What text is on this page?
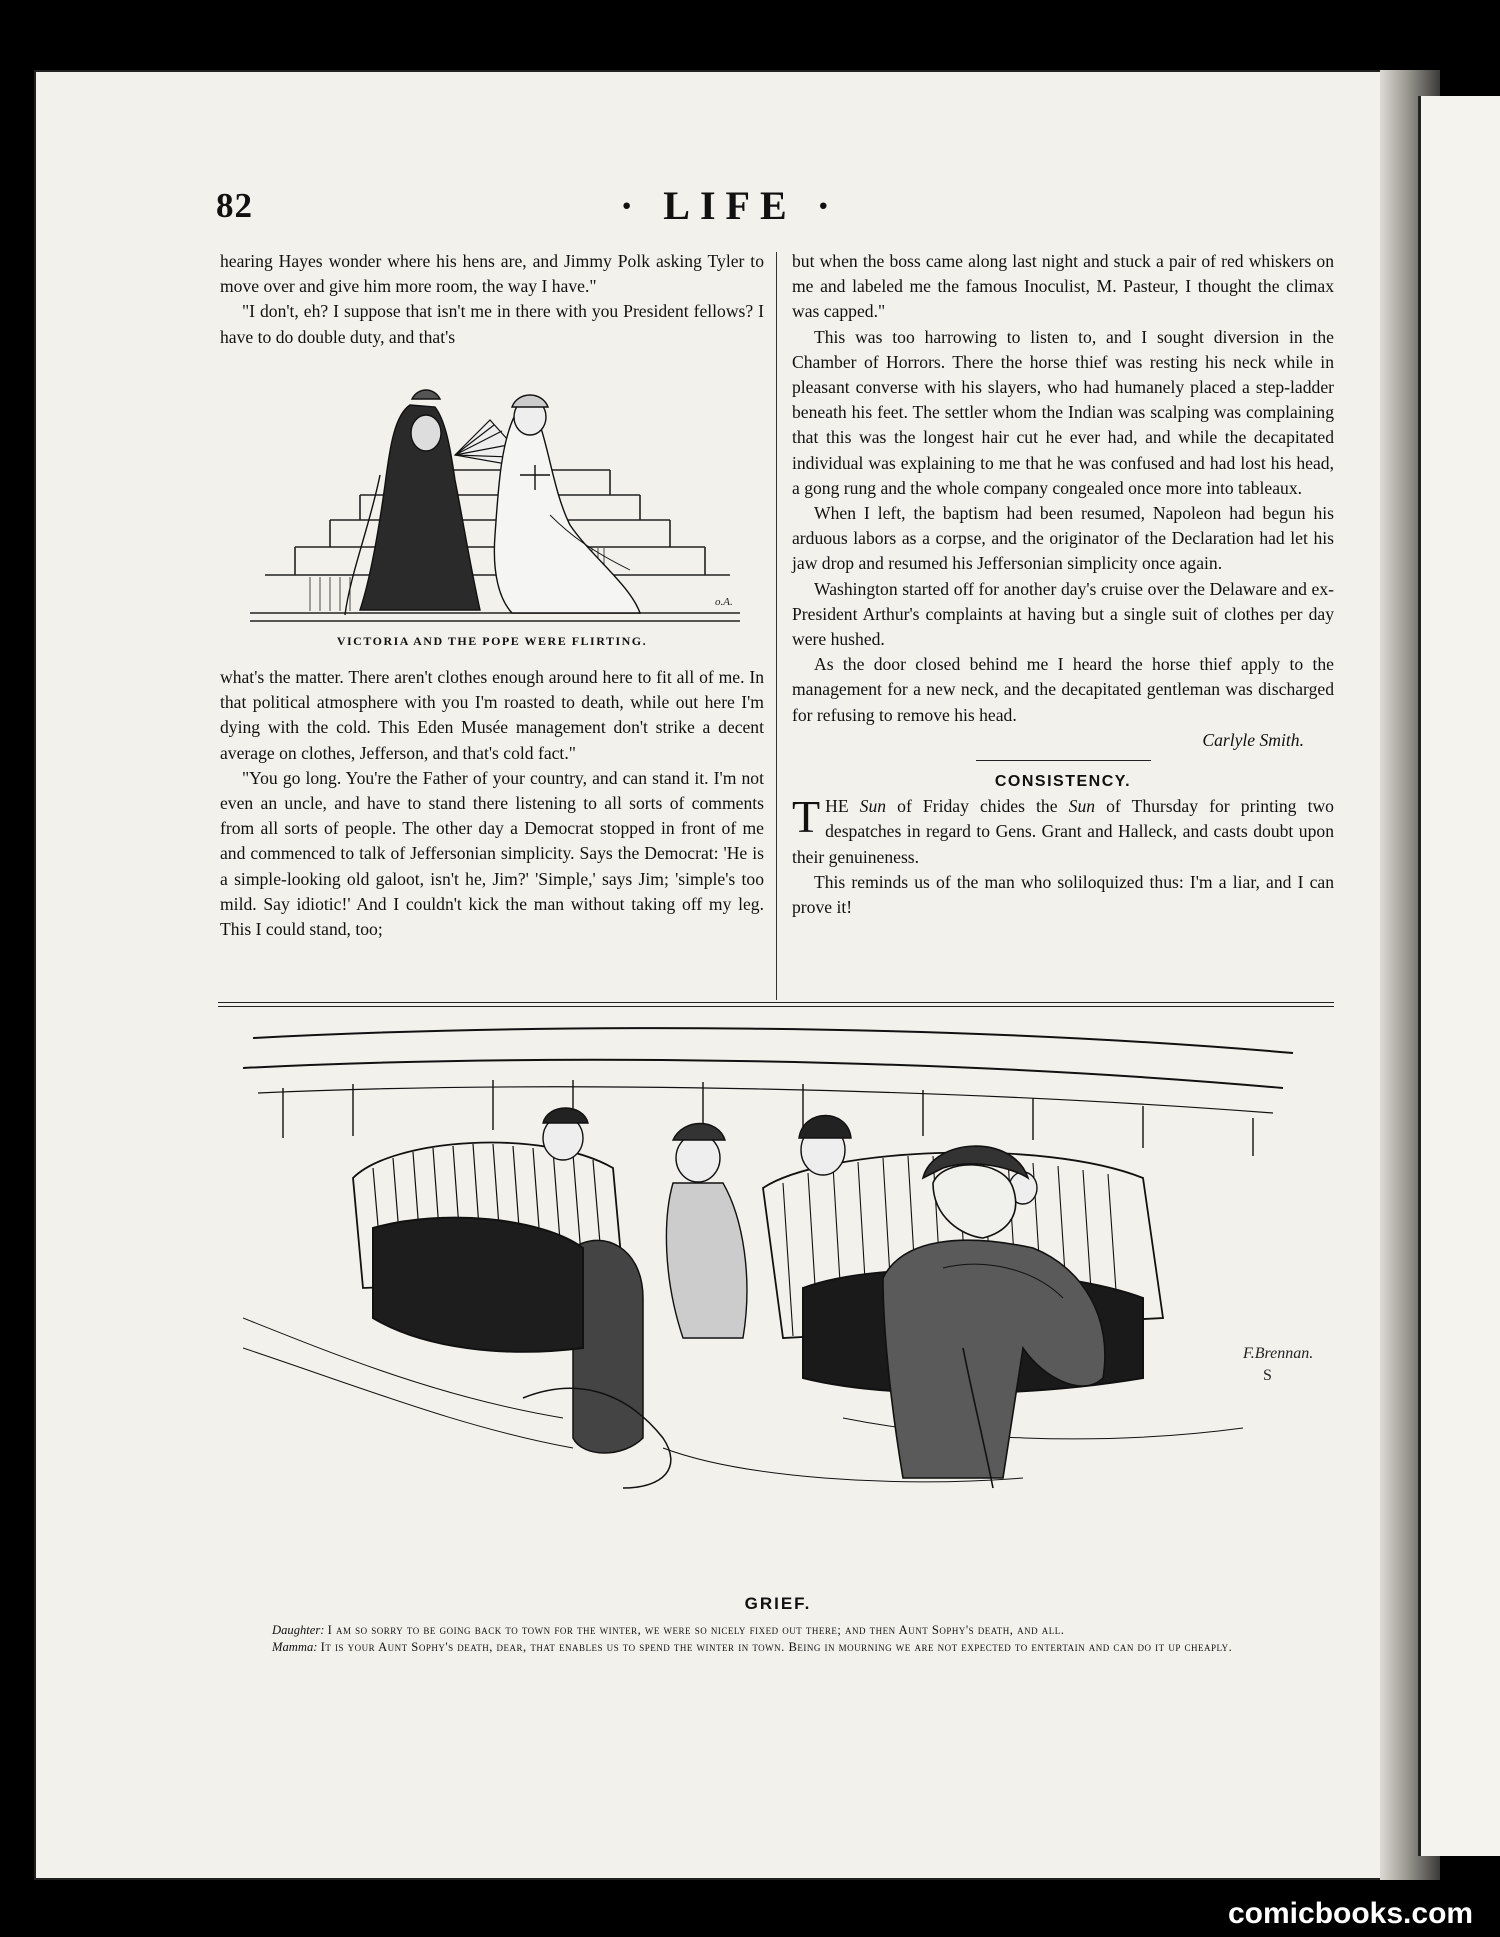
82	· LIFE ·

hearing Hayes wonder where his hens are, and Jimmy Polk asking Tyler to move over and give him more room, the way I have."

"I don't, eh? I suppose that isn't me in there with you President fellows? I have to do double duty, and that's

o.A.
VICTORIA AND THE POPE WERE FLIRTING.

what's the matter. There aren't clothes enough around here to fit all of me. In that political atmosphere with you I'm roasted to death, while out here I'm dying with the cold. This Eden Musée management don't strike a decent average on clothes, Jefferson, and that's cold fact."

"You go long. You're the Father of your country, and can stand it. I'm not even an uncle, and have to stand there listening to all sorts of comments from all sorts of people. The other day a Democrat stopped in front of me and commenced to talk of Jeffersonian simplicity. Says the Democrat: 'He is a simple-looking old galoot, isn't he, Jim?' 'Simple,' says Jim; 'simple's too mild. Say idiotic!' And I couldn't kick the man without taking off my leg. This I could stand, too;

but when the boss came along last night and stuck a pair of red whiskers on me and labeled me the famous Inoculist, M. Pasteur, I thought the climax was capped."

This was too harrowing to listen to, and I sought diversion in the Chamber of Horrors. There the horse thief was resting his neck while in pleasant converse with his slayers, who had humanely placed a step-ladder beneath his feet. The settler whom the Indian was scalping was complaining that this was the longest hair cut he ever had, and while the decapitated individual was explaining to me that he was confused and had lost his head, a gong rung and the whole company congealed once more into tableaux.

When I left, the baptism had been resumed, Napoleon had begun his arduous labors as a corpse, and the originator of the Declaration had let his jaw drop and resumed his Jeffersonian simplicity once again.

Washington started off for another day's cruise over the Delaware and ex-President Arthur's complaints at having but a single suit of clothes per day were hushed.

As the door closed behind me I heard the horse thief apply to the management for a new neck, and the decapitated gentleman was discharged for refusing to remove his head.

Carlyle Smith.

CONSISTENCY.

THE Sun of Friday chides the Sun of Thursday for printing two despatches in regard to Gens. Grant and Halleck, and casts doubt upon their genuineness.

This reminds us of the man who soliloquized thus: I'm a liar, and I can prove it!

F.Brennan.
S
GRIEF.

Daughter: I am so sorry to be going back to town for the winter, we were so nicely fixed out there; and then Aunt Sophy's death, and all.

Mamma: It is your Aunt Sophy's death, dear, that enables us to spend the winter in town. Being in mourning we are not expected to entertain and can do it up cheaply.

comicbooks.com
